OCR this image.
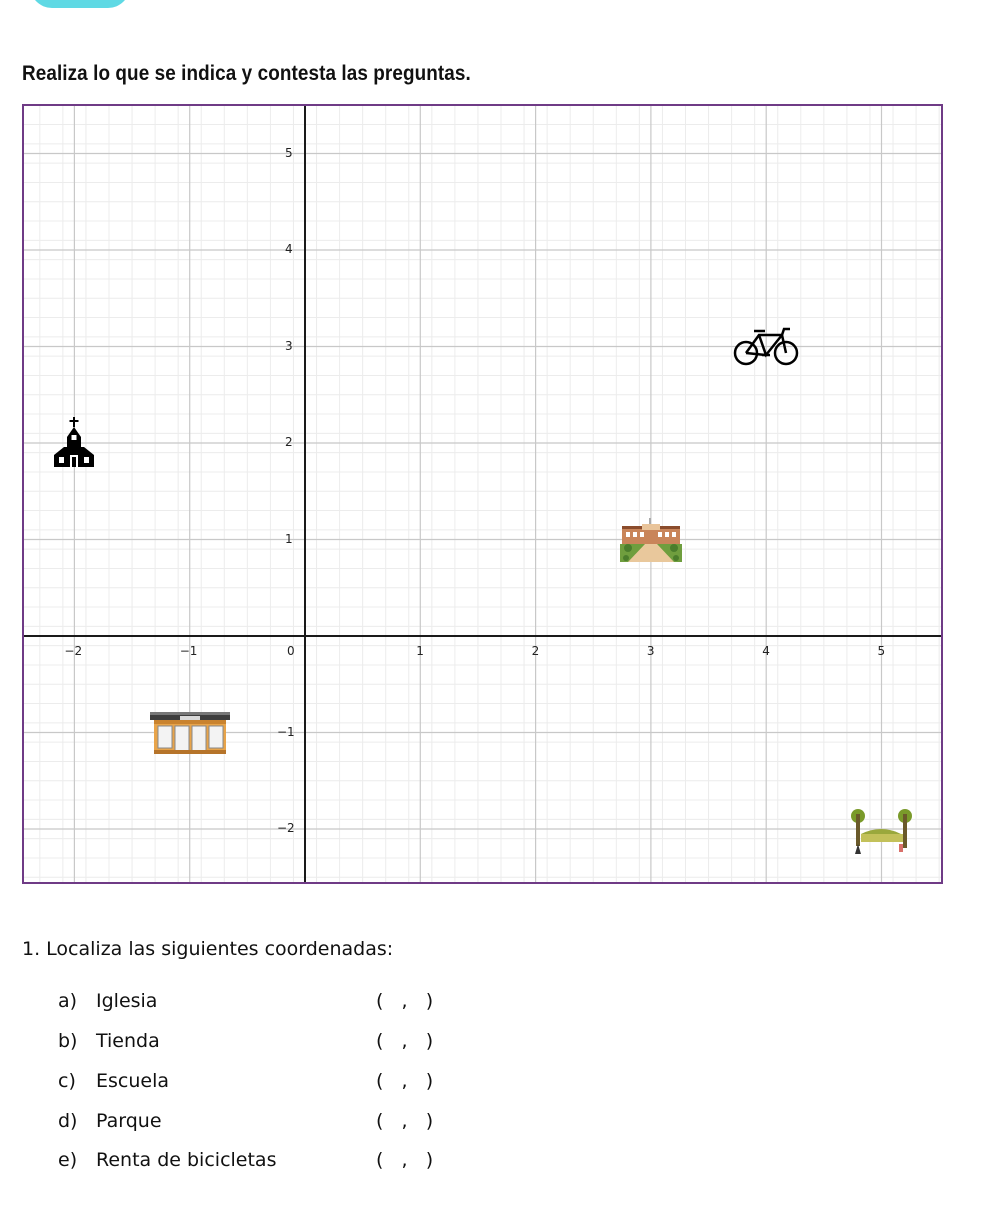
Realiza lo que se indica y contesta las preguntas.
−2	−1	0	1	2	3	4	5
5
4
3
2
1
−1
−2
1. Localiza las siguientes coordenadas:
a) Iglesia	(   ,   )
b) Tienda	(   ,   )
c) Escuela	(   ,   )
d) Parque	(   ,   )
e) Renta de bicicletas	(   ,   )
